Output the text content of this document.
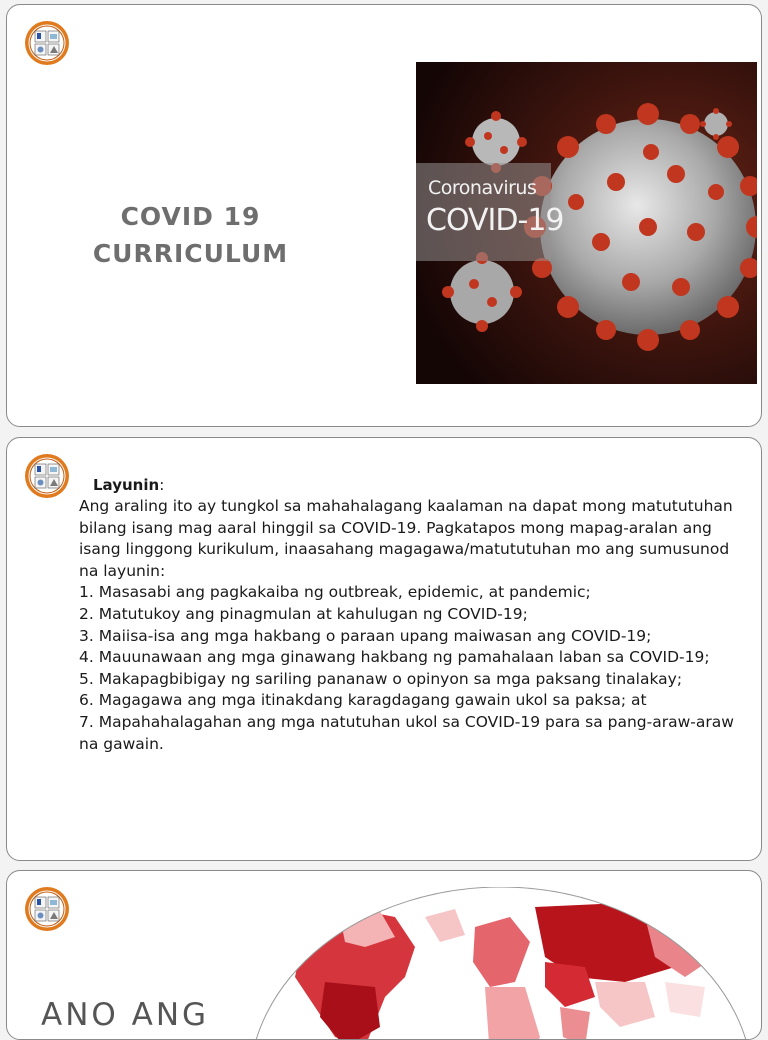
COVID 19
CURRICULUM
Coronavirus
COVID-19
Layunin:
Ang araling ito ay tungkol sa mahahalagang kaalaman na dapat mong matututuhan bilang isang mag aaral hinggil sa COVID-19. Pagkatapos mong mapag-aralan ang isang linggong kurikulum, inaasahang magagawa/matututuhan mo ang sumusunod na layunin:
1. Masasabi ang pagkakaiba ng outbreak, epidemic, at pandemic;
2. Matutukoy ang pinagmulan at kahulugan ng COVID-19;
3. Maiisa-isa ang mga hakbang o paraan upang maiwasan ang COVID-19;
4. Mauunawaan ang mga ginawang hakbang ng pamahalaan laban sa COVID-19;
5. Makapagbibigay ng sariling pananaw o opinyon sa mga paksang tinalakay;
6. Magagawa ang mga itinakdang karagdagang gawain ukol sa paksa; at
7. Mapahahalagahan ang mga natutuhan ukol sa COVID-19 para sa pang-araw-araw na gawain.
ANO ANG
